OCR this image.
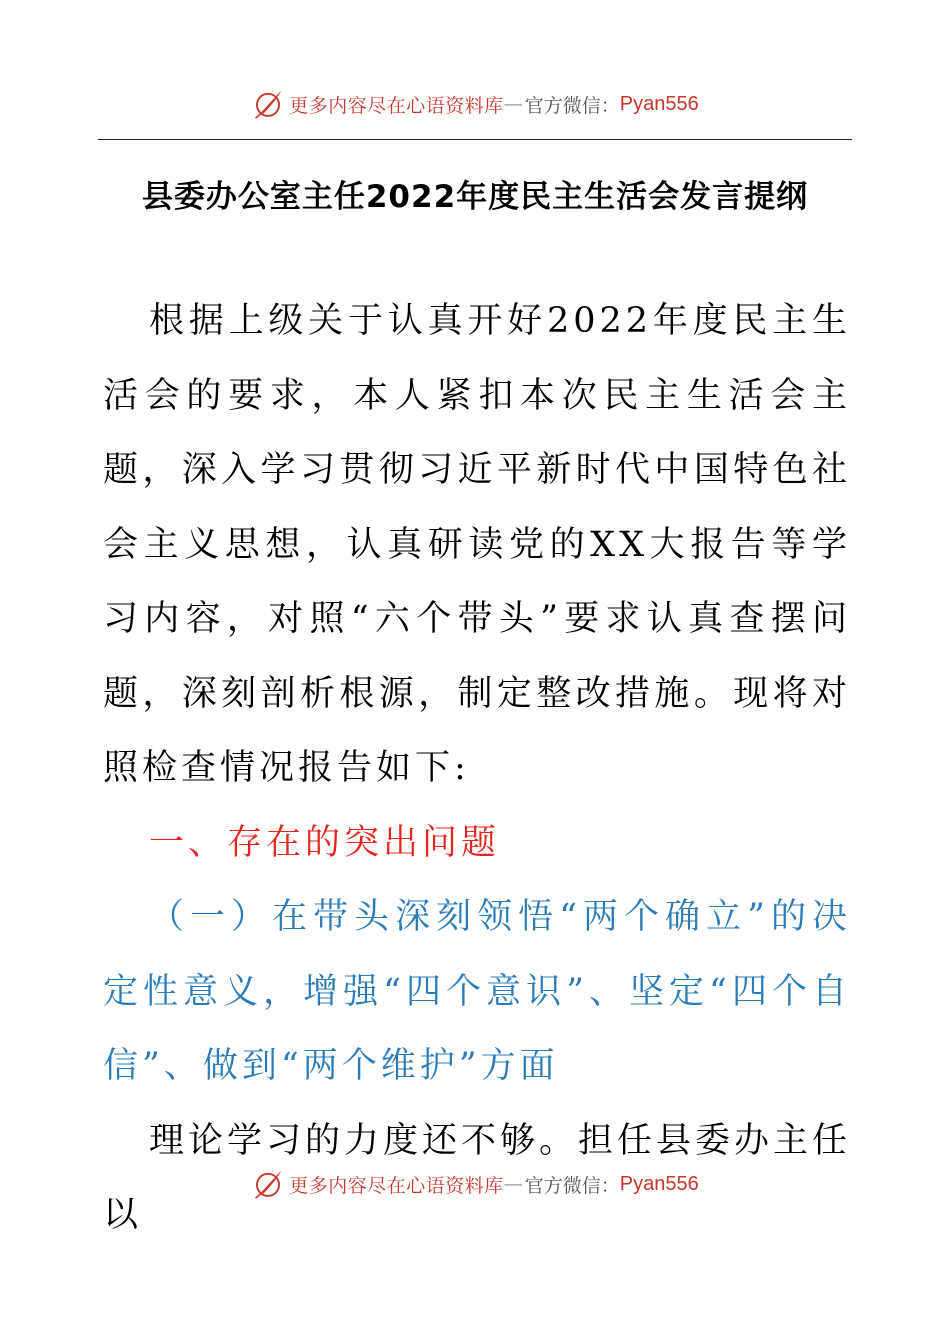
更多内容尽在心语资料库 — 官方微信： Pyan556
县委办公室主任2022年度民主生活会发言提纲

根据上级关于认真开好2022年度民主生活会的要求，本人紧扣本次民主生活会主题，深入学习贯彻习近平新时代中国特色社会主义思想，认真研读党的XX大报告等学习内容，对照“六个带头”要求认真查摆问题，深刻剖析根源，制定整改措施。现将对照检查情况报告如下:

一、存在的突出问题

（一）在带头深刻领悟“两个确立”的决定性意义，增强“四个意识”、坚定“四个自信”、做到“两个维护”方面

理论学习的力度还不够。担任县委办主任以

更多内容尽在心语资料库 — 官方微信： Pyan556
